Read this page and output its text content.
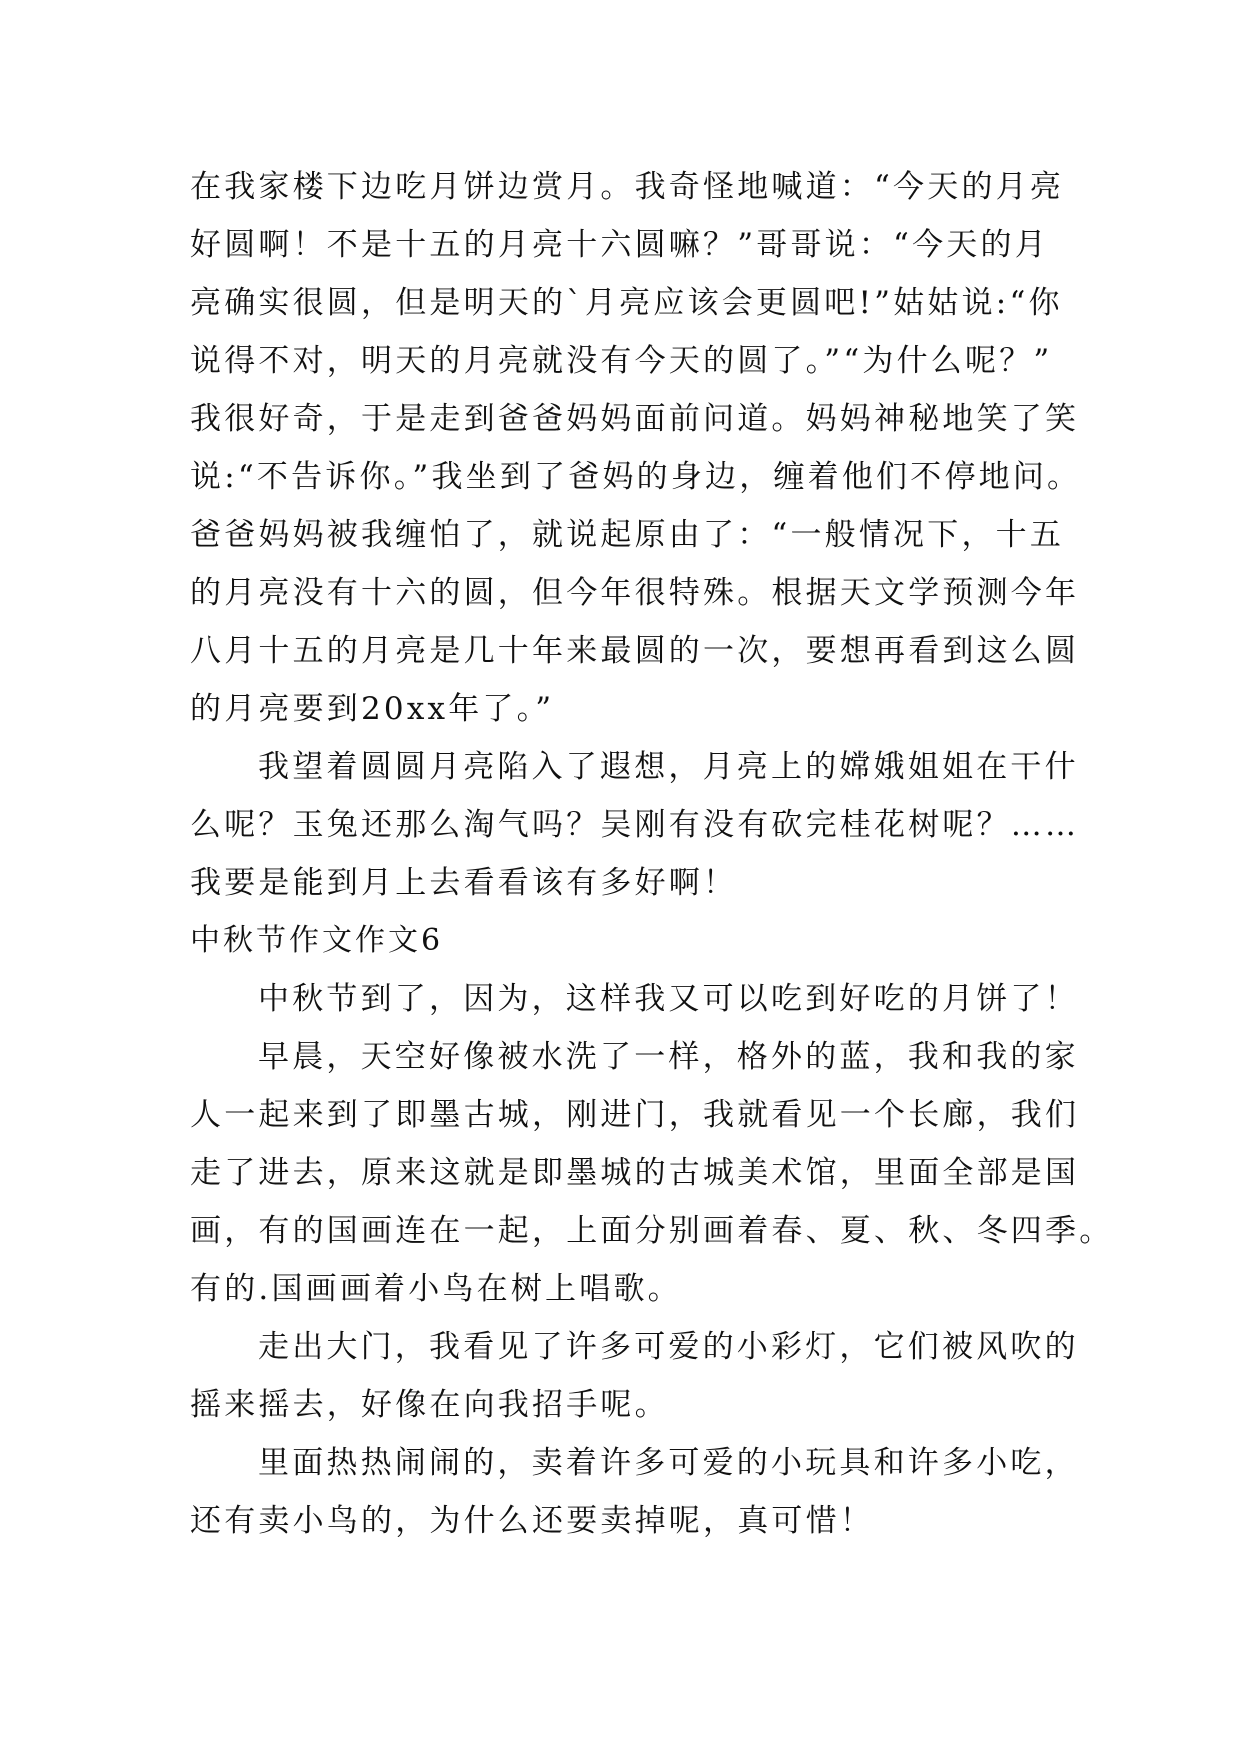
在我家楼下边吃月饼边赏月。我奇怪地喊道：“今天的月亮
好圆啊！不是十五的月亮十六圆嘛？”哥哥说：“今天的月
亮确实很圆，但是明天的`月亮应该会更圆吧!”姑姑说:“你
说得不对，明天的月亮就没有今天的圆了。”“为什么呢？”
我很好奇，于是走到爸爸妈妈面前问道。妈妈神秘地笑了笑
说:“不告诉你。”我坐到了爸妈的身边，缠着他们不停地问。
爸爸妈妈被我缠怕了，就说起原由了：“一般情况下，十五
的月亮没有十六的圆，但今年很特殊。根据天文学预测今年
八月十五的月亮是几十年来最圆的一次，要想再看到这么圆
的月亮要到20xx年了。”
我望着圆圆月亮陷入了遐想，月亮上的嫦娥姐姐在干什
么呢？玉兔还那么淘气吗？吴刚有没有砍完桂花树呢？……
我要是能到月上去看看该有多好啊！
中秋节作文作文6
中秋节到了，因为，这样我又可以吃到好吃的月饼了！
早晨，天空好像被水洗了一样，格外的蓝，我和我的家
人一起来到了即墨古城，刚进门，我就看见一个长廊，我们
走了进去，原来这就是即墨城的古城美术馆，里面全部是国
画，有的国画连在一起，上面分别画着春、夏、秋、冬四季。
有的.国画画着小鸟在树上唱歌。
走出大门，我看见了许多可爱的小彩灯，它们被风吹的
摇来摇去，好像在向我招手呢。
里面热热闹闹的，卖着许多可爱的小玩具和许多小吃，
还有卖小鸟的，为什么还要卖掉呢，真可惜！
